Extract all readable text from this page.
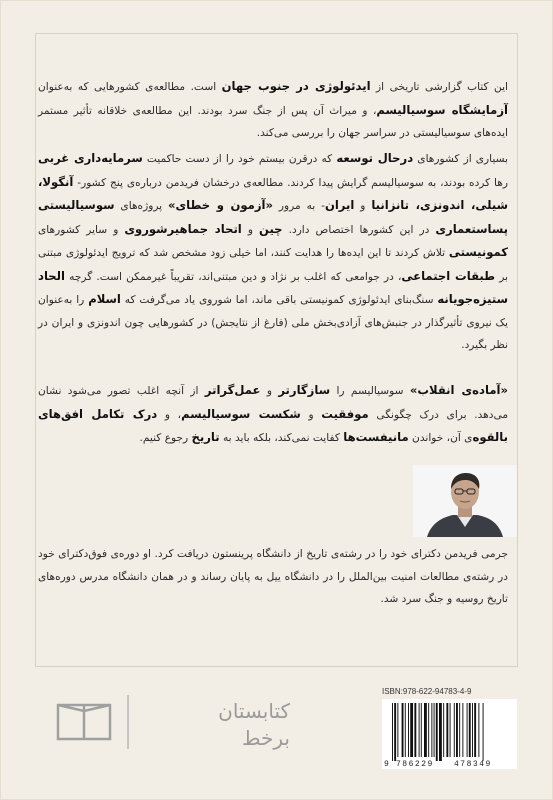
این کتاب گزارشی تاریخی از ایدئولوژی در جنوب جهان است. مطالعه‌ی کشورهایی که به‌عنوان آزمایشگاه سوسیالیسم، و میراث آن پس از جنگ سرد بودند. این مطالعه‌ی خلاقانه تأثیر مستمر ایده‌های سوسیالیستی در سراسر جهان را بررسی می‌کند.

بسیاری از کشورهای درحال توسعه که درقرن بیستم خود را از دست حاکمیت سرمایه‌داری غربی رها کرده بودند، به سوسیالیسم گرایش پیدا کردند. مطالعه‌ی درخشان فریدمن درباره‌ی پنج کشور- آنگولا، شیلی، اندونزی، تانزانیا و ایران- به مرور «آزمون و خطای» پروژه‌های سوسیالیستی پساستعماری در این کشورها اختصاص دارد. چین و اتحاد جماهیرشوروی و سایر کشورهای کمونیستی تلاش کردند تا این ایده‌ها را هدایت کنند، اما خیلی زود مشخص شد که ترویج ایدئولوژی مبتنی بر طبقات اجتماعی، در جوامعی که اغلب بر نژاد و دین مبتنی‌اند، تقریباً غیرممکن است. گرچه الحاد ستیزه‌جویانه سنگ‌بنای ایدئولوژی کمونیستی باقی ماند، اما شوروی یاد می‌گرفت که اسلام را به‌عنوان یک نیروی تأثیرگذار در جنبش‌های آزادی‌بخش ملی (فارغ از نتایجش) در کشورهایی چون اندونزی و ایران در نظر بگیرد.

«آماده‌ی انقلاب» سوسیالیسم را سازگارتر و عمل‌گراتر از آنچه اغلب تصور می‌شود نشان می‌دهد. برای درک چگونگی موفقیت و شکست سوسیالیسم، و درک تکامل افق‌های بالقوه‌ی آن، خواندن مانیفست‌ها کفایت نمی‌کند، بلکه باید به تاریخ رجوع کنیم.

جرمی فریدمن دکترای خود را در رشته‌ی تاریخ از دانشگاه پرینستون دریافت کرد. او دوره‌ی فوق‌دکترای خود در رشته‌ی مطالعات امنیت بین‌الملل را در دانشگاه ییل به پایان رساند و در همان دانشگاه مدرس دوره‌های تاریخ روسیه و جنگ سرد شد.

کتابستان
برخط
ISBN:978-622-94783-4-9
9 786229	478349
